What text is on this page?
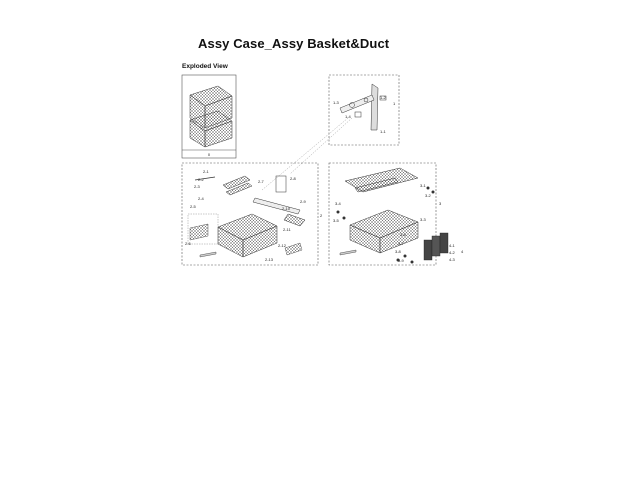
Assy Case_Assy Basket&Duct
Exploded View
0
1
1-1
1-2
1-3
1-4
2
2-1
2-2
2-3
2-4
2-5
2-6
2-7
2-8
2-9
2-10
2-11
2-12
2-13
3
3-1
3-2
3-3
3-4
3-5
3-6
3-7
3-8
3-9
4
4-1
4-2
4-3
